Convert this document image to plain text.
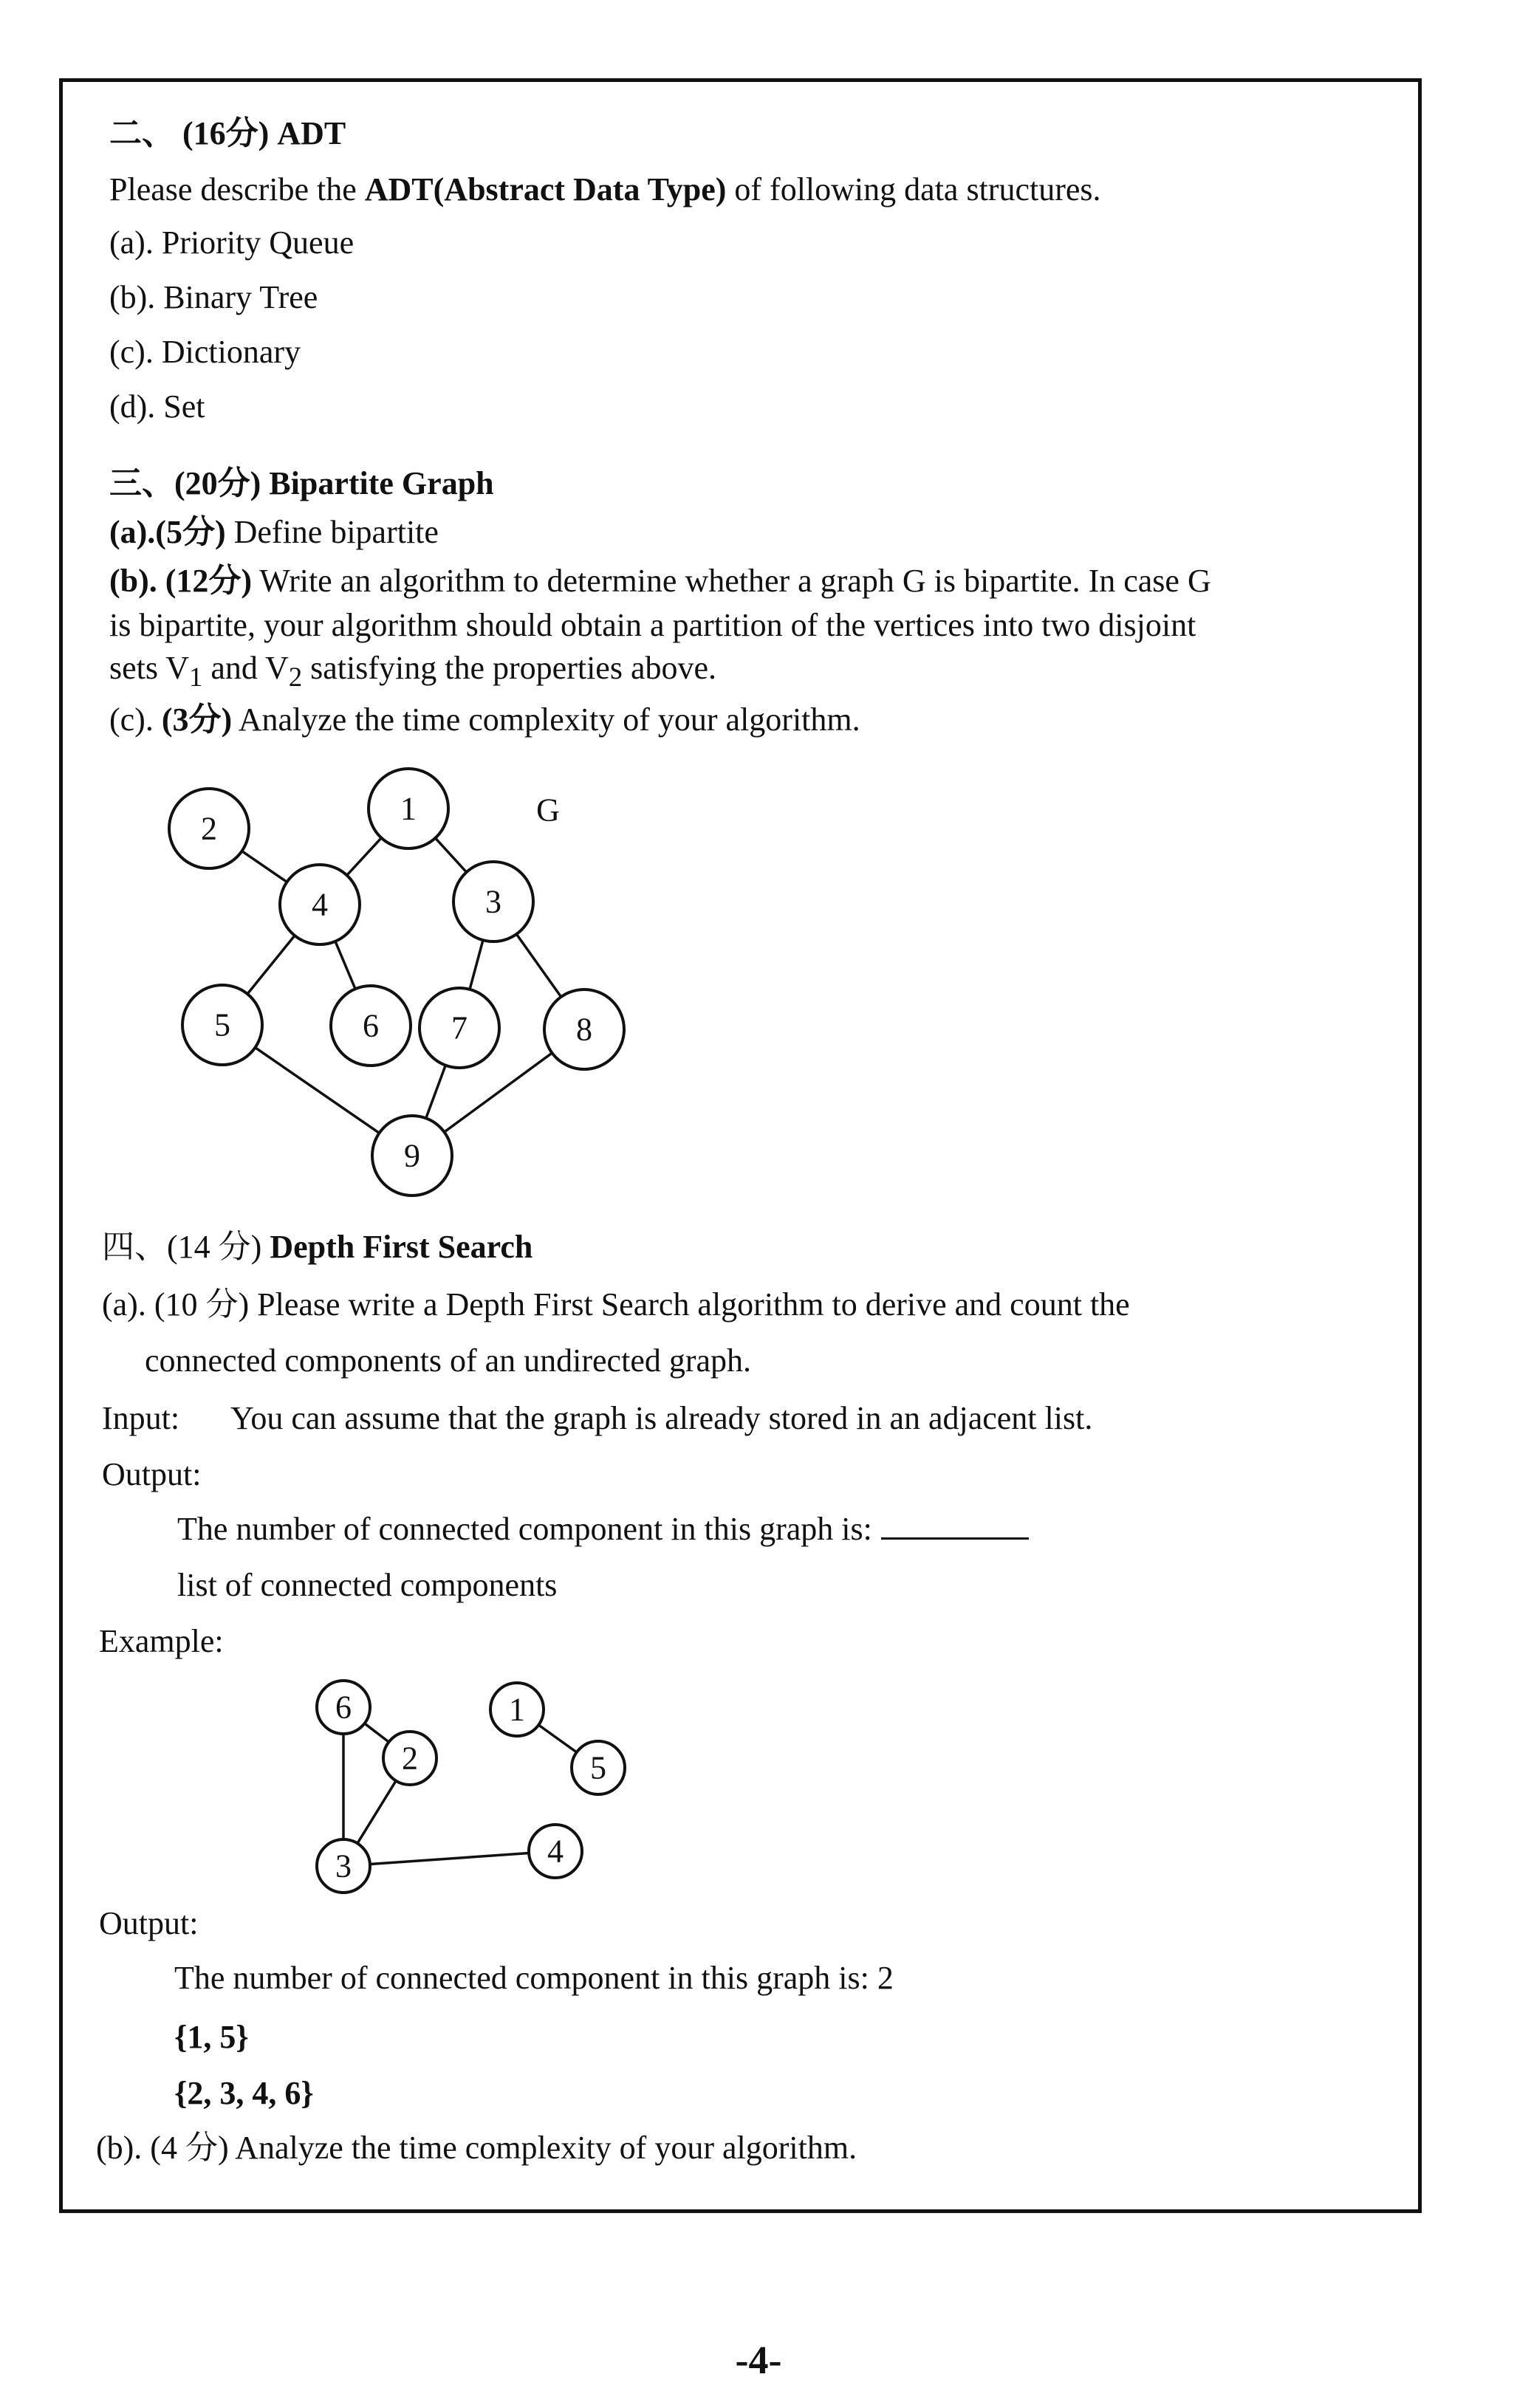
二、 (16分) ADT
Please describe the ADT(Abstract Data Type) of following data structures.
(a). Priority Queue
(b). Binary Tree
(c). Dictionary
(d). Set
三、(20分) Bipartite Graph
(a).(5分) Define bipartite
(b). (12分) Write an algorithm to determine whether a graph G is bipartite. In case G
is bipartite, your algorithm should obtain a partition of the vertices into two disjoint
sets $V_1$ and $V_2$ satisfying the properties above.
(c). (3分) Analyze the time complexity of your algorithm.
1
2
3
4
5	6 7	8
9
G
1
2
3	4
5
6
四、(14 分) Depth First Search
(a). (10 分) Please write a Depth First Search algorithm to derive and count the
connected components of an undirected graph.
Input: You can assume that the graph is already stored in an adjacent list.
Output:
The number of connected component in this graph is:
list of connected components
Example:
Output:
The number of connected component in this graph is: 2
{1, 5}
{2, 3, 4, 6}
(b). (4 分) Analyze the time complexity of your algorithm.
-4-
